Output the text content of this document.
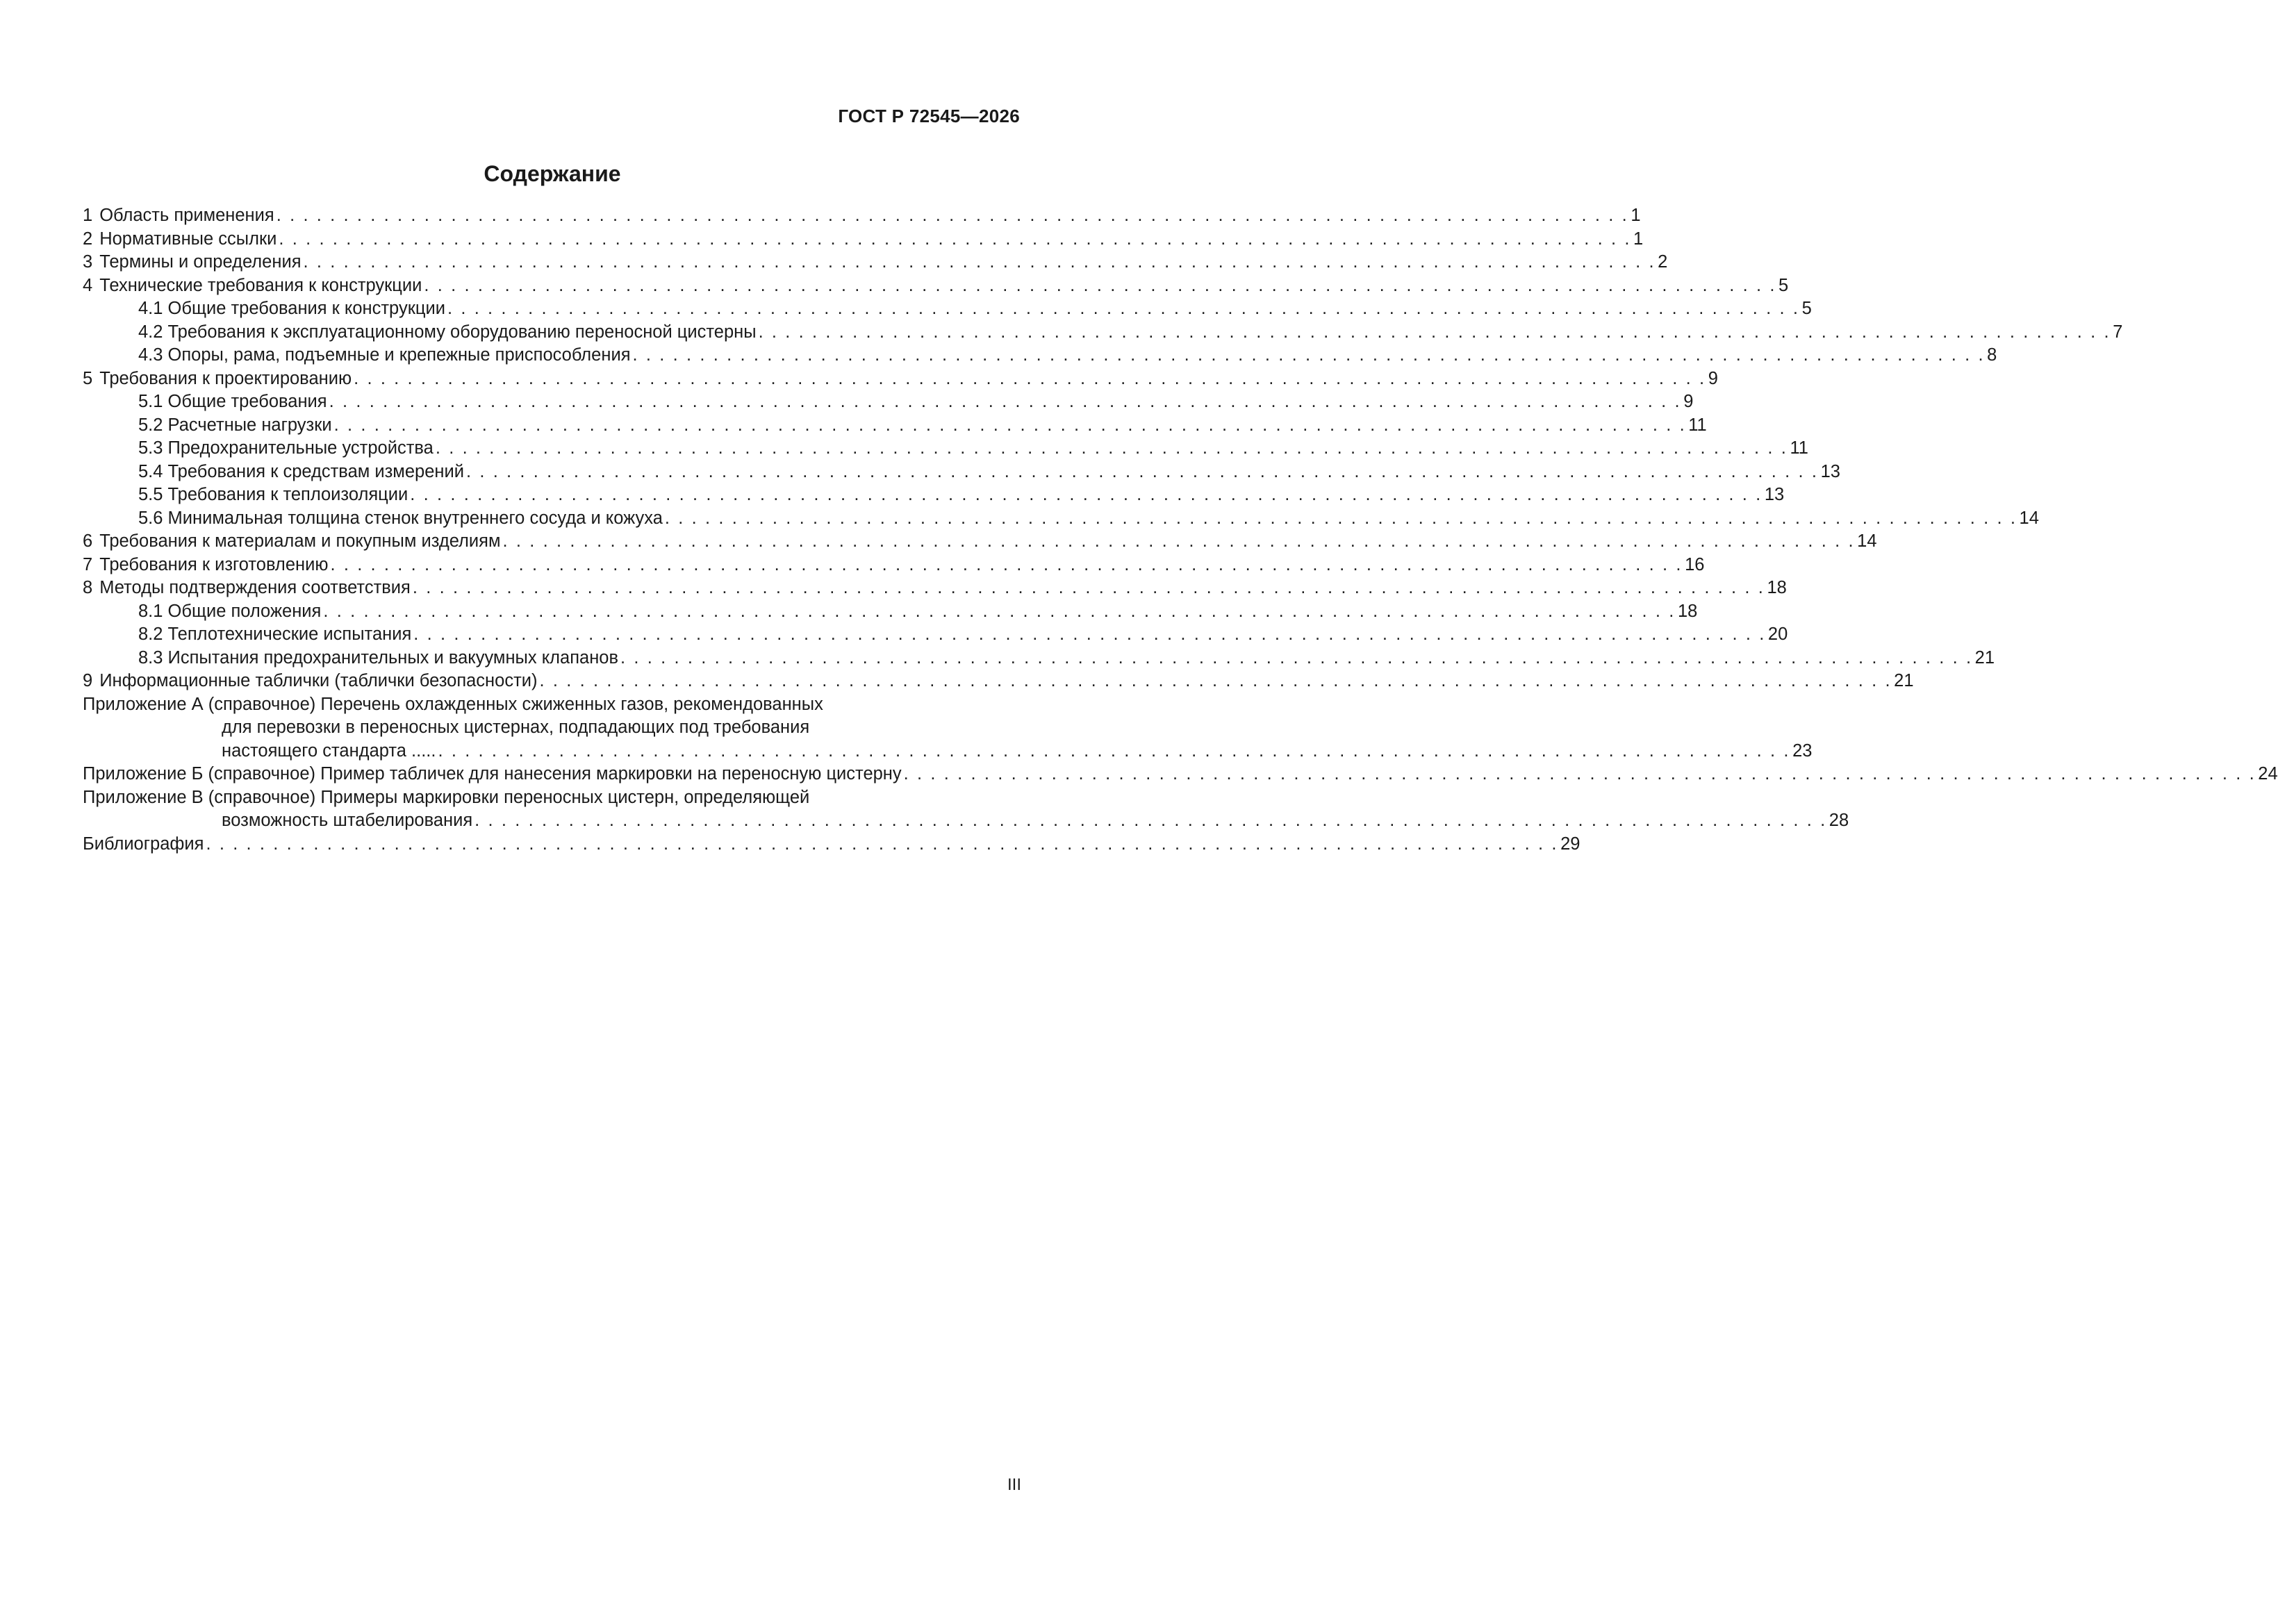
ГОСТ Р 72545—2026
Содержание
1 Область применения . . . . . . . . . . . . . . . . . . . . . . . . . . . . . . . . . . . . . . . . . . . . . . . . . . . . . . . . . . . . . . . . . . . . . . . . . . . . . . . . . . . . . . . . . . . . . . . . . . . . . 1
2 Нормативные ссылки . . . . . . . . . . . . . . . . . . . . . . . . . . . . . . . . . . . . . . . . . . . . . . . . . . . . . . . . . . . . . . . . . . . . . . . . . . . . . . . . . . . . . . . . . . . . . . . . . . . . . 1
3 Термины и определения . . . . . . . . . . . . . . . . . . . . . . . . . . . . . . . . . . . . . . . . . . . . . . . . . . . . . . . . . . . . . . . . . . . . . . . . . . . . . . . . . . . . . . . . . . . . . . . . . . . . . 2
4 Технические требования к конструкции . . . . . . . . . . . . . . . . . . . . . . . . . . . . . . . . . . . . . . . . . . . . . . . . . . . . . . . . . . . . . . . . . . . . . . . . . . . . . . . . . . . . . . . . . . . . . . . . . . . . . 5
4.1 Общие требования к конструкции . . . . . . . . . . . . . . . . . . . . . . . . . . . . . . . . . . . . . . . . . . . . . . . . . . . . . . . . . . . . . . . . . . . . . . . . . . . . . . . . . . . . . . . . . . . . . . . . . . . . . 5
4.2 Требования к эксплуатационному оборудованию переносной цистерны . . . . . . . . . . . . . . . . . . . . . . . . . . . . . . . . . . . . . . . . . . . . . . . . . . . . . . . . . . . . . . . . . . . . . . . . . . . . . . . . . . . . . . . . . . . . . . . . . . . . . 7
4.3 Опоры, рама, подъемные и крепежные приспособления . . . . . . . . . . . . . . . . . . . . . . . . . . . . . . . . . . . . . . . . . . . . . . . . . . . . . . . . . . . . . . . . . . . . . . . . . . . . . . . . . . . . . . . . . . . . . . . . . . . . . 8
5 Требования к проектированию . . . . . . . . . . . . . . . . . . . . . . . . . . . . . . . . . . . . . . . . . . . . . . . . . . . . . . . . . . . . . . . . . . . . . . . . . . . . . . . . . . . . . . . . . . . . . . . . . . . . . 9
5.1 Общие требования . . . . . . . . . . . . . . . . . . . . . . . . . . . . . . . . . . . . . . . . . . . . . . . . . . . . . . . . . . . . . . . . . . . . . . . . . . . . . . . . . . . . . . . . . . . . . . . . . . . . . 9
5.2 Расчетные нагрузки . . . . . . . . . . . . . . . . . . . . . . . . . . . . . . . . . . . . . . . . . . . . . . . . . . . . . . . . . . . . . . . . . . . . . . . . . . . . . . . . . . . . . . . . . . . . . . . . . . . . . 11
5.3 Предохранительные устройства . . . . . . . . . . . . . . . . . . . . . . . . . . . . . . . . . . . . . . . . . . . . . . . . . . . . . . . . . . . . . . . . . . . . . . . . . . . . . . . . . . . . . . . . . . . . . . . . . . . . . 11
5.4 Требования к средствам измерений . . . . . . . . . . . . . . . . . . . . . . . . . . . . . . . . . . . . . . . . . . . . . . . . . . . . . . . . . . . . . . . . . . . . . . . . . . . . . . . . . . . . . . . . . . . . . . . . . . . . . 13
5.5 Требования к теплоизоляции . . . . . . . . . . . . . . . . . . . . . . . . . . . . . . . . . . . . . . . . . . . . . . . . . . . . . . . . . . . . . . . . . . . . . . . . . . . . . . . . . . . . . . . . . . . . . . . . . . . . . 13
5.6 Минимальная толщина стенок внутреннего сосуда и кожуха . . . . . . . . . . . . . . . . . . . . . . . . . . . . . . . . . . . . . . . . . . . . . . . . . . . . . . . . . . . . . . . . . . . . . . . . . . . . . . . . . . . . . . . . . . . . . . . . . . . . . 14
6 Требования к материалам и покупным изделиям . . . . . . . . . . . . . . . . . . . . . . . . . . . . . . . . . . . . . . . . . . . . . . . . . . . . . . . . . . . . . . . . . . . . . . . . . . . . . . . . . . . . . . . . . . . . . . . . . . . . . 14
7 Требования к изготовлению . . . . . . . . . . . . . . . . . . . . . . . . . . . . . . . . . . . . . . . . . . . . . . . . . . . . . . . . . . . . . . . . . . . . . . . . . . . . . . . . . . . . . . . . . . . . . . . . . . . . . 16
8 Методы подтверждения соответствия . . . . . . . . . . . . . . . . . . . . . . . . . . . . . . . . . . . . . . . . . . . . . . . . . . . . . . . . . . . . . . . . . . . . . . . . . . . . . . . . . . . . . . . . . . . . . . . . . . . . . 18
8.1 Общие положения . . . . . . . . . . . . . . . . . . . . . . . . . . . . . . . . . . . . . . . . . . . . . . . . . . . . . . . . . . . . . . . . . . . . . . . . . . . . . . . . . . . . . . . . . . . . . . . . . . . . . 18
8.2 Теплотехнические испытания . . . . . . . . . . . . . . . . . . . . . . . . . . . . . . . . . . . . . . . . . . . . . . . . . . . . . . . . . . . . . . . . . . . . . . . . . . . . . . . . . . . . . . . . . . . . . . . . . . . . . 20
8.3 Испытания предохранительных и вакуумных клапанов . . . . . . . . . . . . . . . . . . . . . . . . . . . . . . . . . . . . . . . . . . . . . . . . . . . . . . . . . . . . . . . . . . . . . . . . . . . . . . . . . . . . . . . . . . . . . . . . . . . . . 21
9 Информационные таблички (таблички безопасности) . . . . . . . . . . . . . . . . . . . . . . . . . . . . . . . . . . . . . . . . . . . . . . . . . . . . . . . . . . . . . . . . . . . . . . . . . . . . . . . . . . . . . . . . . . . . . . . . . . . . . 21
Приложение А (справочное) Перечень охлажденных сжиженных газов, рекомендованных
для перевозки в переносных цистернах, подпадающих под требования
настоящего стандарта ..... . . . . . . . . . . . . . . . . . . . . . . . . . . . . . . . . . . . . . . . . . . . . . . . . . . . . . . . . . . . . . . . . . . . . . . . . . . . . . . . . . . . . . . . . . . . . . . . . . . . . . 23
Приложение Б (справочное) Пример табличек для нанесения маркировки на переносную цистерну . . . . . . . . . . . . . . . . . . . . . . . . . . . . . . . . . . . . . . . . . . . . . . . . . . . . . . . . . . . . . . . . . . . . . . . . . . . . . . . . . . . . . . . . . . . . . . . . . . . . . 24
Приложение В (справочное) Примеры маркировки переносных цистерн, определяющей
возможность штабелирования . . . . . . . . . . . . . . . . . . . . . . . . . . . . . . . . . . . . . . . . . . . . . . . . . . . . . . . . . . . . . . . . . . . . . . . . . . . . . . . . . . . . . . . . . . . . . . . . . . . . . 28
Библиография . . . . . . . . . . . . . . . . . . . . . . . . . . . . . . . . . . . . . . . . . . . . . . . . . . . . . . . . . . . . . . . . . . . . . . . . . . . . . . . . . . . . . . . . . . . . . . . . . . . . . 29
III
